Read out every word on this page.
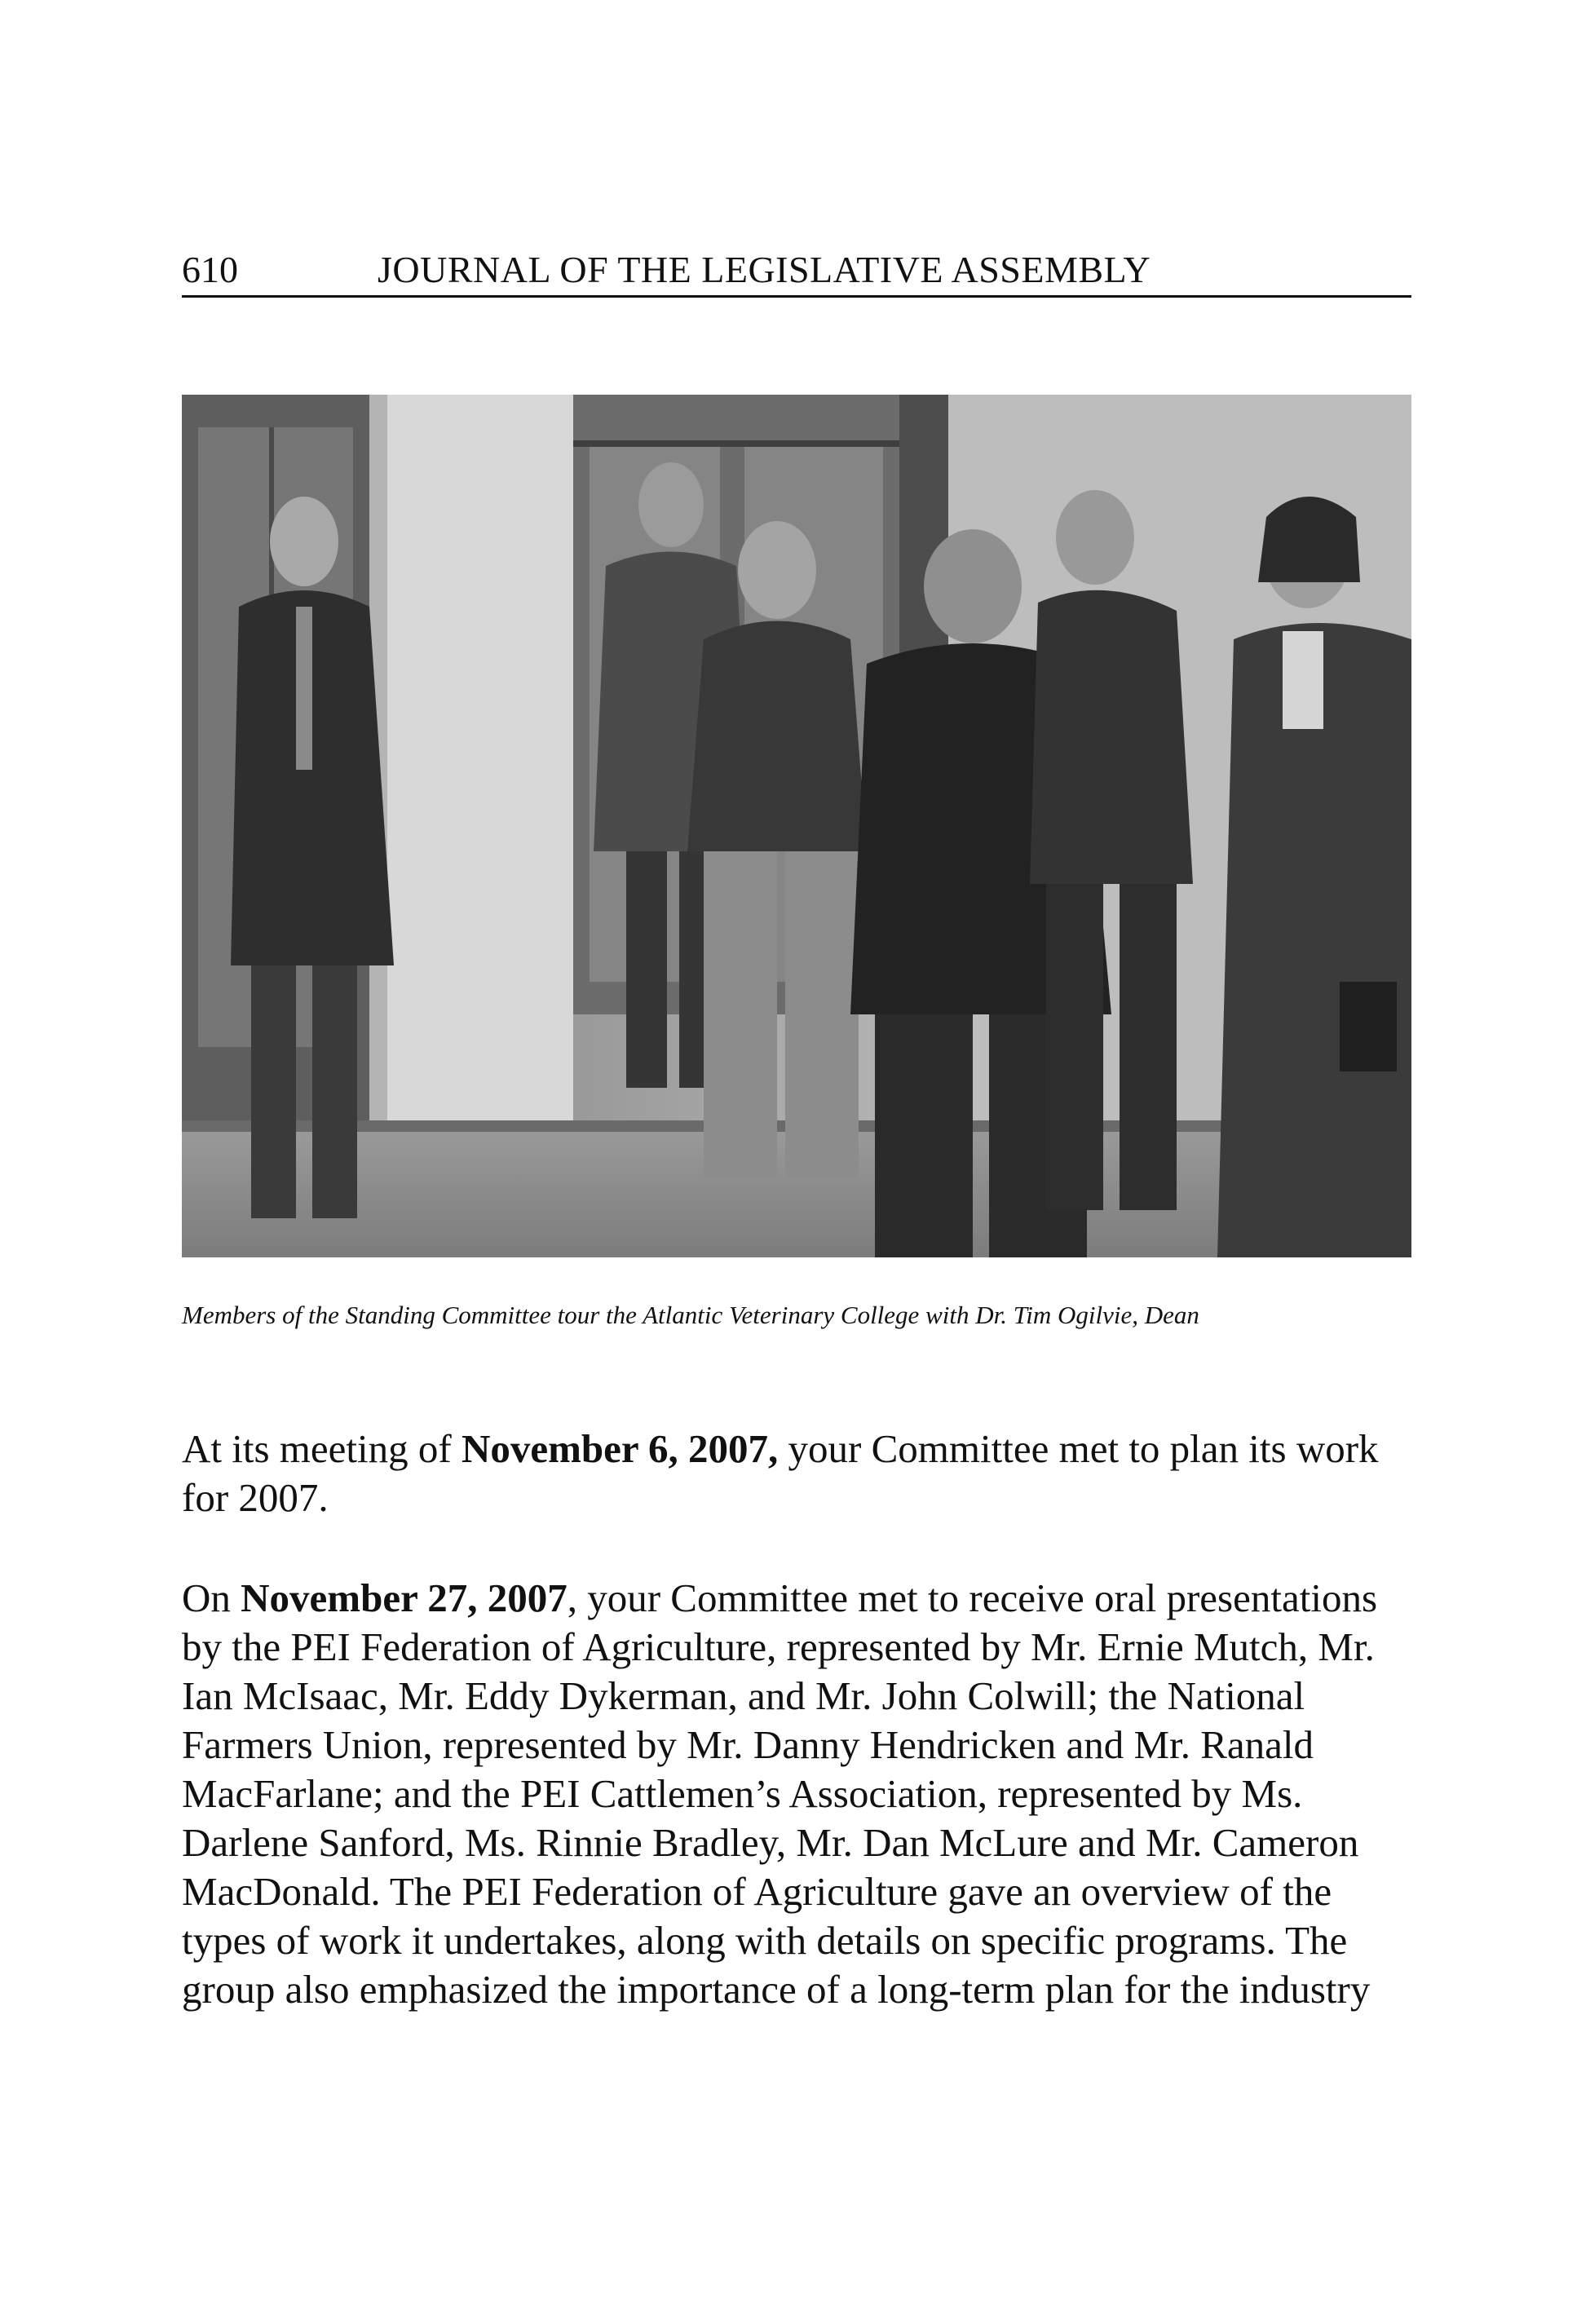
610	JOURNAL OF THE LEGISLATIVE ASSEMBLY
Members of the Standing Committee tour the Atlantic Veterinary College with Dr. Tim Ogilvie, Dean

At its meeting of November 6, 2007, your Committee met to plan its work for 2007.

On November 27, 2007, your Committee met to receive oral presentations by the PEI Federation of Agriculture, represented by Mr. Ernie Mutch, Mr. Ian McIsaac, Mr. Eddy Dykerman, and Mr. John Colwill; the National Farmers Union, represented by Mr. Danny Hendricken and Mr. Ranald MacFarlane; and the PEI Cattlemen’s Association, represented by Ms. Darlene Sanford, Ms. Rinnie Bradley, Mr. Dan McLure and Mr. Cameron MacDonald. The PEI Federation of Agriculture gave an overview of the types of work it undertakes, along with details on specific programs. The group also emphasized the importance of a long-term plan for the industry
